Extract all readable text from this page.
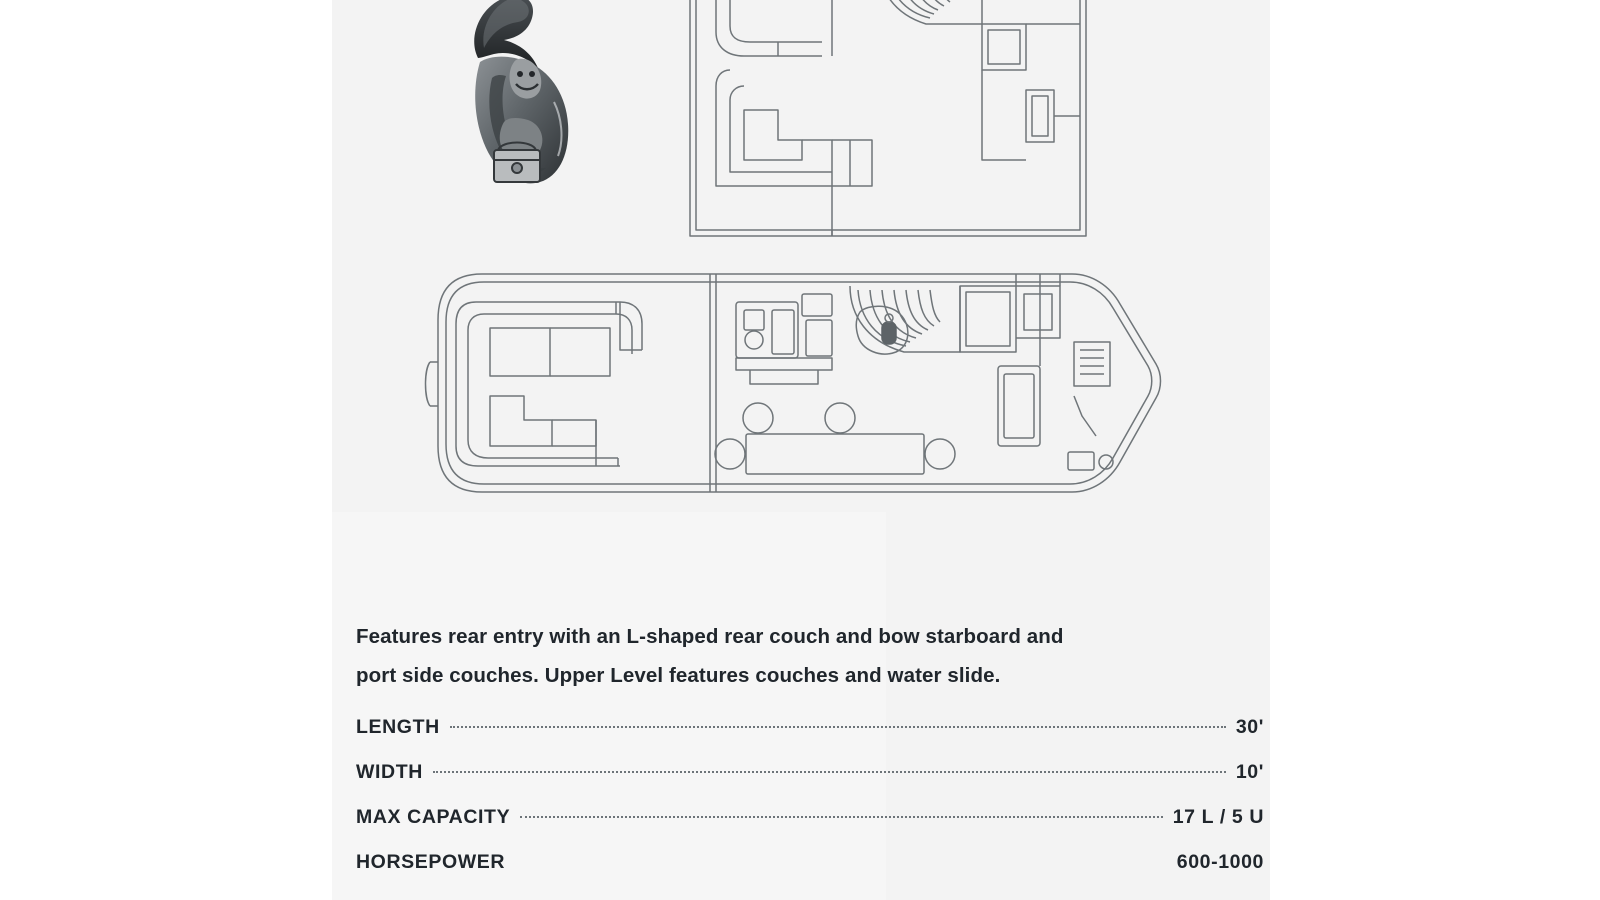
Features rear entry with an L-shaped rear couch and bow starboard and
port side couches. Upper Level features couches and water slide.
LENGTH	30'
WIDTH	10'
MAX CAPACITY	17 L / 5 U
HORSEPOWER	600-1000
